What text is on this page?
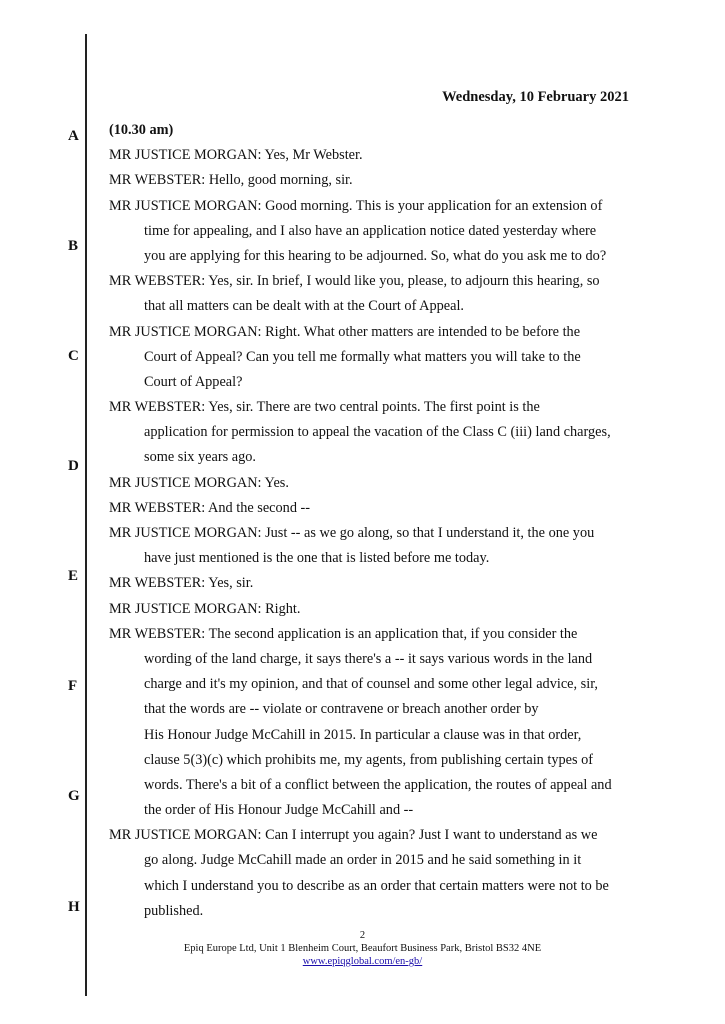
A
B
C
D
E
F
G
H
Wednesday, 10 February 2021
(10.30 am)
MR JUSTICE MORGAN: Yes, Mr Webster.
MR WEBSTER: Hello, good morning, sir.
MR JUSTICE MORGAN: Good morning. This is your application for an extension of
time for appealing, and I also have an application notice dated yesterday where
you are applying for this hearing to be adjourned. So, what do you ask me to do?
MR WEBSTER: Yes, sir. In brief, I would like you, please, to adjourn this hearing, so
that all matters can be dealt with at the Court of Appeal.
MR JUSTICE MORGAN: Right. What other matters are intended to be before the
Court of Appeal? Can you tell me formally what matters you will take to the
Court of Appeal?
MR WEBSTER: Yes, sir. There are two central points. The first point is the
application for permission to appeal the vacation of the Class C (iii) land charges,
some six years ago.
MR JUSTICE MORGAN: Yes.
MR WEBSTER: And the second --
MR JUSTICE MORGAN: Just -- as we go along, so that I understand it, the one you
have just mentioned is the one that is listed before me today.
MR WEBSTER: Yes, sir.
MR JUSTICE MORGAN: Right.
MR WEBSTER: The second application is an application that, if you consider the
wording of the land charge, it says there's a -- it says various words in the land
charge and it's my opinion, and that of counsel and some other legal advice, sir,
that the words are -- violate or contravene or breach another order by
His Honour Judge McCahill in 2015. In particular a clause was in that order,
clause 5(3)(c) which prohibits me, my agents, from publishing certain types of
words. There's a bit of a conflict between the application, the routes of appeal and
the order of His Honour Judge McCahill and --
MR JUSTICE MORGAN: Can I interrupt you again? Just I want to understand as we
go along. Judge McCahill made an order in 2015 and he said something in it
which I understand you to describe as an order that certain matters were not to be
published.
2
Epiq Europe Ltd, Unit 1 Blenheim Court, Beaufort Business Park, Bristol BS32 4NE
www.epiqglobal.com/en-gb/
